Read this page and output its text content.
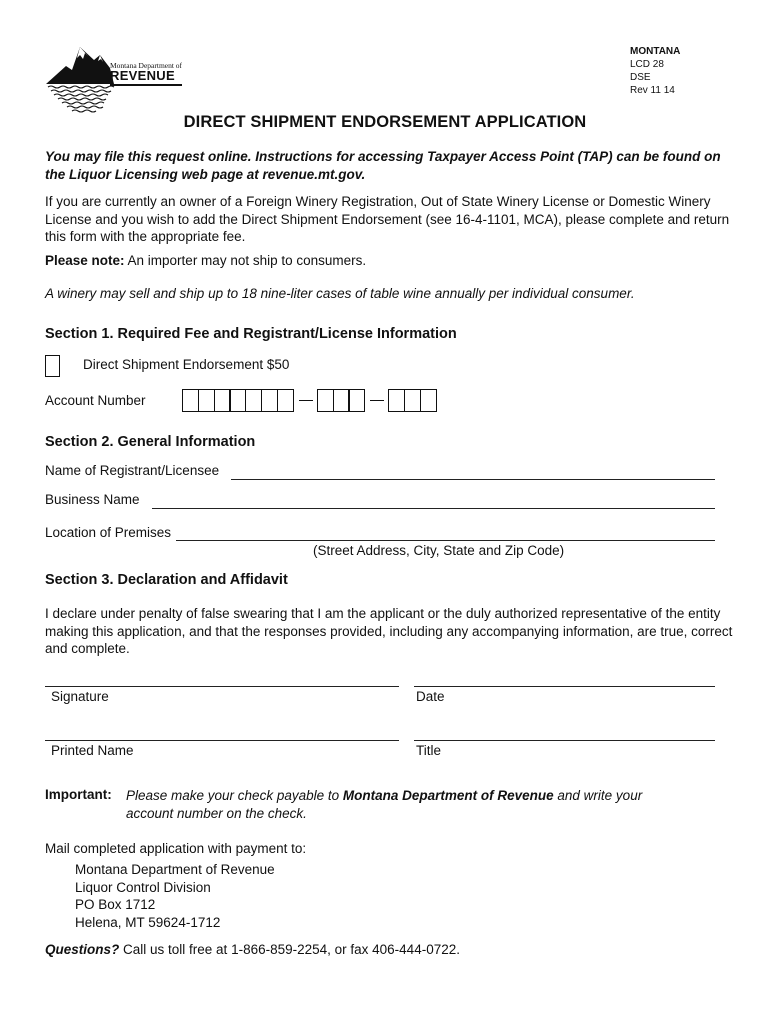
Montana Department of
REVENUE
MONTANA
LCD 28
DSE
Rev 11 14
DIRECT SHIPMENT ENDORSEMENT APPLICATION
You may file this request online. Instructions for accessing Taxpayer Access Point (TAP) can be found on the Liquor Licensing web page at revenue.mt.gov.
If you are currently an owner of a Foreign Winery Registration, Out of State Winery License or Domestic Winery License and you wish to add the Direct Shipment Endorsement (see 16-4-1101, MCA), please complete and return this form with the appropriate fee.
Please note: An importer may not ship to consumers.
A winery may sell and ship up to 18 nine-liter cases of table wine annually per individual consumer.
Section 1. Required Fee and Registrant/License Information
Direct Shipment Endorsement $50
Account Number
Section 2. General Information
Name of Registrant/Licensee
Business Name
Location of Premises
(Street Address, City, State and Zip Code)
Section 3. Declaration and Affidavit
I declare under penalty of false swearing that I am the applicant or the duly authorized representative of the entity making this application, and that the responses provided, including any accompanying information, are true, correct and complete.
Signature	Date
Printed Name	Title
Important: Please make your check payable to Montana Department of Revenue and write your
account number on the check.
Mail completed application with payment to:
Montana Department of Revenue
Liquor Control Division
PO Box 1712
Helena, MT 59624-1712
Questions? Call us toll free at 1-866-859-2254, or fax 406-444-0722.
